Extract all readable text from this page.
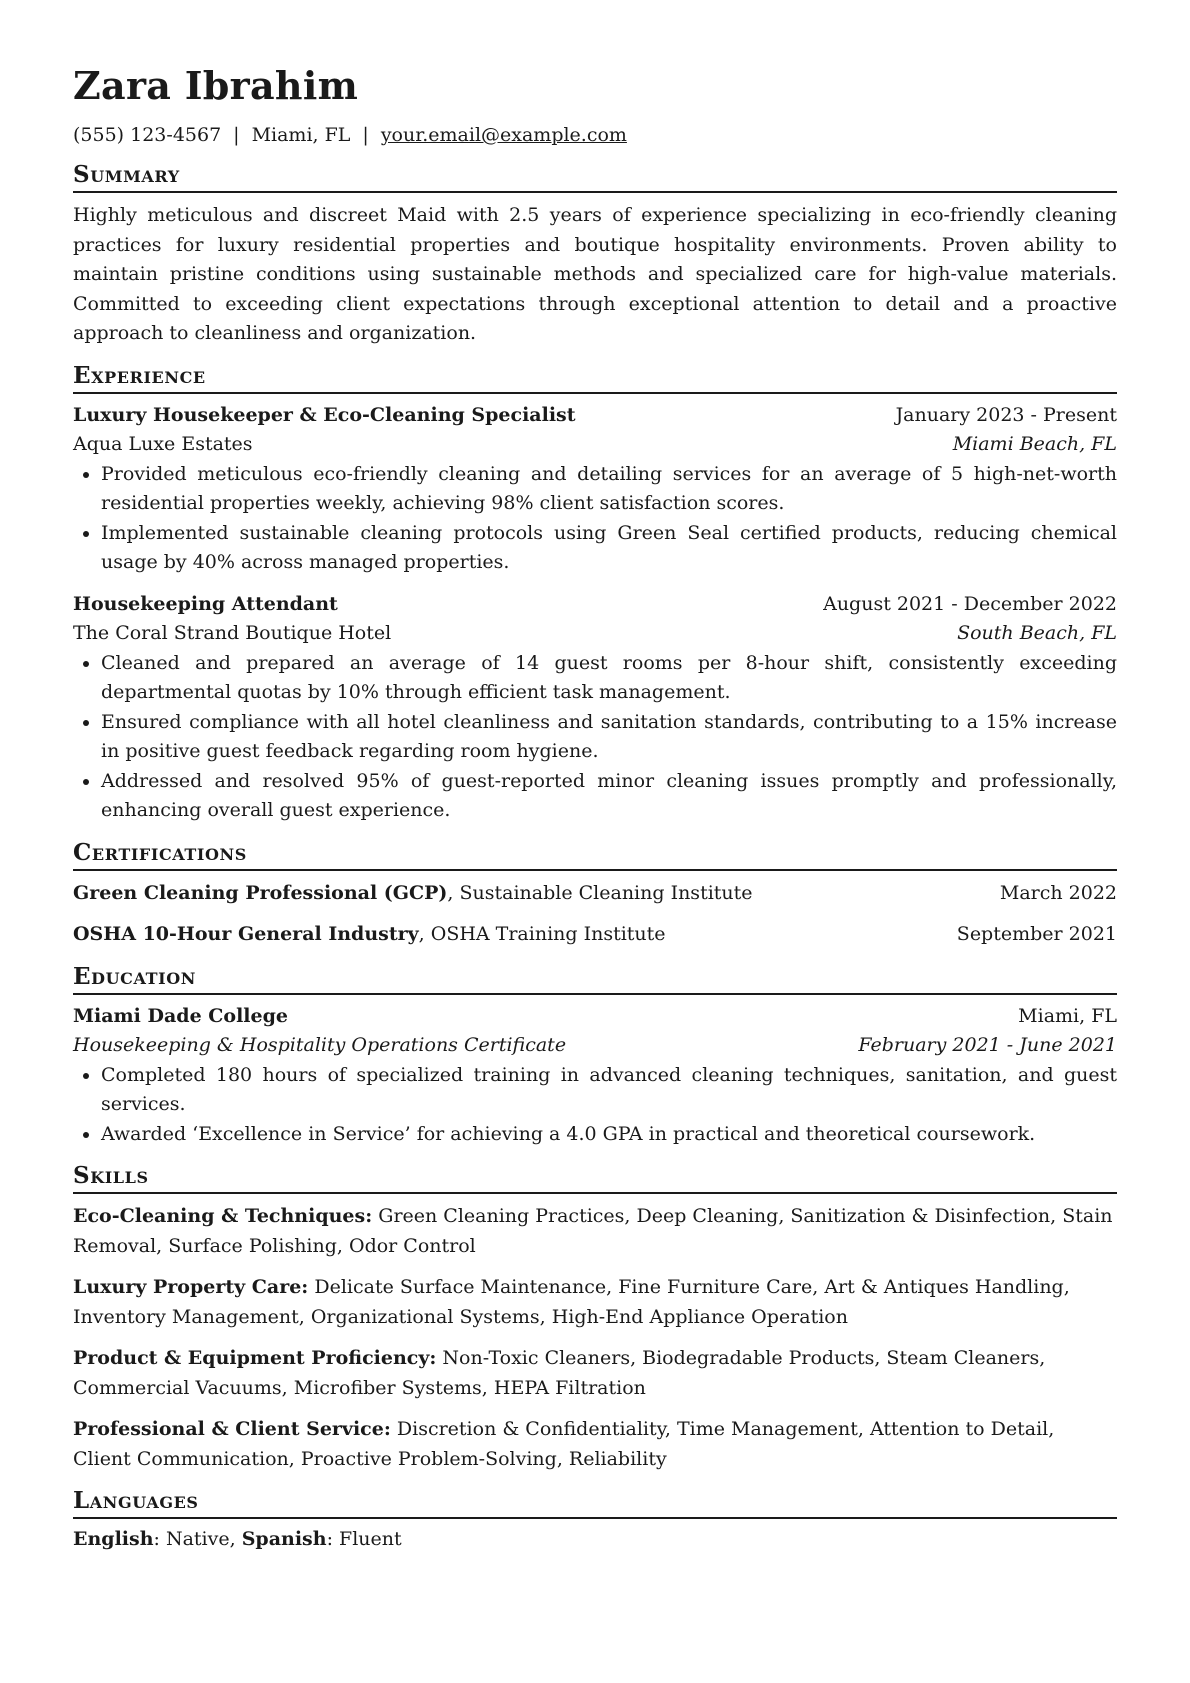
Zara Ibrahim
(555) 123-4567 | Miami, FL | your.email@example.com
Summary
Highly meticulous and discreet Maid with 2.5 years of experience specializing in eco-friendly cleaning practices for luxury residential properties and boutique hospitality environments. Proven ability to maintain pristine conditions using sustainable methods and specialized care for high-value materials. Committed to exceeding client expectations through exceptional attention to detail and a proactive approach to cleanliness and organization.
Experience
Luxury Housekeeper & Eco-Cleaning Specialist	January 2023 - Present
Aqua Luxe Estates	Miami Beach, FL
• Provided meticulous eco-friendly cleaning and detailing services for an average of 5 high-net-worth residential properties weekly, achieving 98% client satisfaction scores.
• Implemented sustainable cleaning protocols using Green Seal certified products, reducing chemical usage by 40% across managed properties.
Housekeeping Attendant	August 2021 - December 2022
The Coral Strand Boutique Hotel	South Beach, FL
• Cleaned and prepared an average of 14 guest rooms per 8-hour shift, consistently exceeding departmental quotas by 10% through efficient task management.
• Ensured compliance with all hotel cleanliness and sanitation standards, contributing to a 15% increase in positive guest feedback regarding room hygiene.
• Addressed and resolved 95% of guest-reported minor cleaning issues promptly and professionally, enhancing overall guest experience.
Certifications
Green Cleaning Professional (GCP), Sustainable Cleaning Institute	March 2022
OSHA 10-Hour General Industry, OSHA Training Institute	September 2021
Education
Miami Dade College	Miami, FL
Housekeeping & Hospitality Operations Certificate	February 2021 - June 2021
• Completed 180 hours of specialized training in advanced cleaning techniques, sanitation, and guest services.
• Awarded ‘Excellence in Service’ for achieving a 4.0 GPA in practical and theoretical coursework.
Skills
Eco-Cleaning & Techniques: Green Cleaning Practices, Deep Cleaning, Sanitization & Disinfection, Stain Removal, Surface Polishing, Odor Control
Luxury Property Care: Delicate Surface Maintenance, Fine Furniture Care, Art & Antiques Handling, Inventory Management, Organizational Systems, High-End Appliance Operation
Product & Equipment Proficiency: Non-Toxic Cleaners, Biodegradable Products, Steam Cleaners, Commercial Vacuums, Microfiber Systems, HEPA Filtration
Professional & Client Service: Discretion & Confidentiality, Time Management, Attention to Detail, Client Communication, Proactive Problem-Solving, Reliability
Languages
English: Native, Spanish: Fluent
